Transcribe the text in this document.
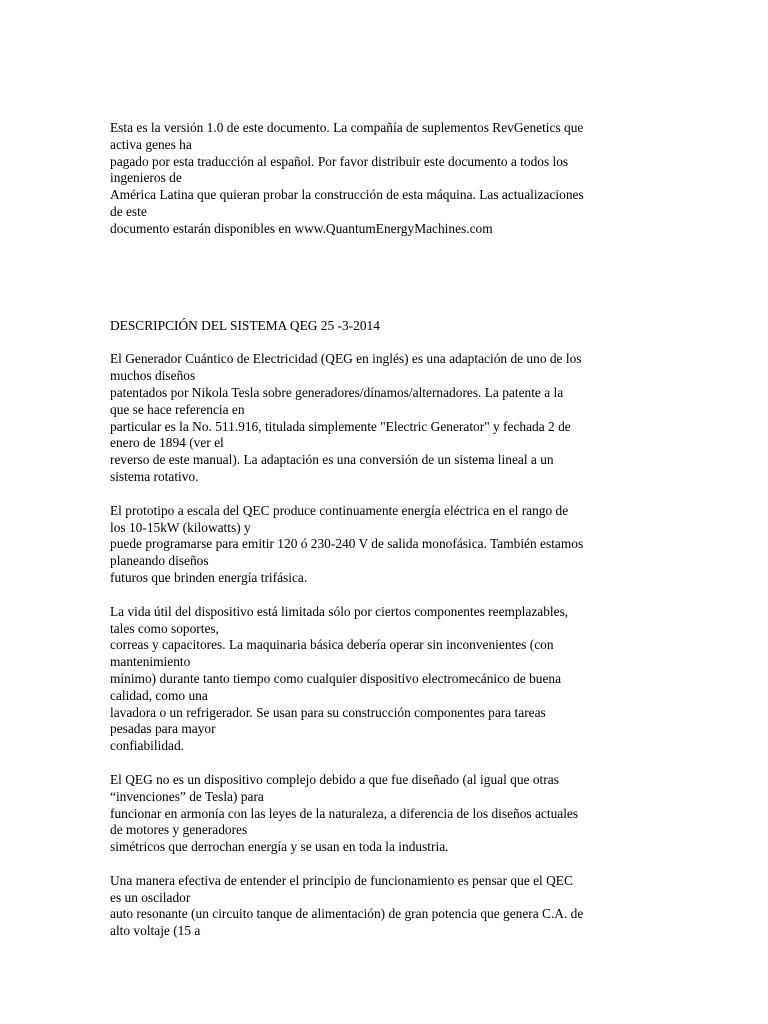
Esta es la versión 1.0 de este documento. La compañía de suplementos RevGenetics que
activa genes ha
pagado por esta traducción al español. Por favor distribuir este documento a todos los
ingenieros de
América Latina que quieran probar la construcción de esta máquina. Las actualizaciones
de este
documento estarán disponibles en www.QuantumEnergyMachines.com
DESCRIPCIÓN DEL SISTEMA QEG 25 -3-2014
El Generador Cuántico de Electricidad (QEG en inglés) es una adaptación de uno de los
muchos diseños
patentados por Nikola Tesla sobre generadores/dínamos/alternadores. La patente a la
que se hace referencia en
particular es la No. 511.916, titulada simplemente "Electric Generator" y fechada 2 de
enero de 1894 (ver el
reverso de este manual). La adaptación es una conversión de un sistema lineal a un
sistema rotativo.
El prototipo a escala del QEC produce continuamente energía eléctrica en el rango de
los 10-15kW (kilowatts) y
puede programarse para emitir 120 ó 230-240 V de salida monofásica. También estamos
planeando diseños
futuros que brinden energía trifásica.
La vida útil del dispositivo está limitada sólo por ciertos componentes reemplazables,
tales como soportes,
correas y capacitores. La maquinaria básica debería operar sin inconvenientes (con
mantenimiento
mínimo) durante tanto tiempo como cualquier dispositivo electromecánico de buena
calidad, como una
lavadora o un refrigerador. Se usan para su construcción componentes para tareas
pesadas para mayor
confiabilidad.
El QEG no es un dispositivo complejo debido a que fue diseñado (al igual que otras
“invenciones” de Tesla) para
funcionar en armonía con las leyes de la naturaleza, a diferencia de los diseños actuales
de motores y generadores
simétricos que derrochan energía y se usan en toda la industria.
Una manera efectiva de entender el principio de funcionamiento es pensar que el QEC
es un oscilador
auto resonante (un circuito tanque de alimentación) de gran potencia que genera C.A. de
alto voltaje (15 a
